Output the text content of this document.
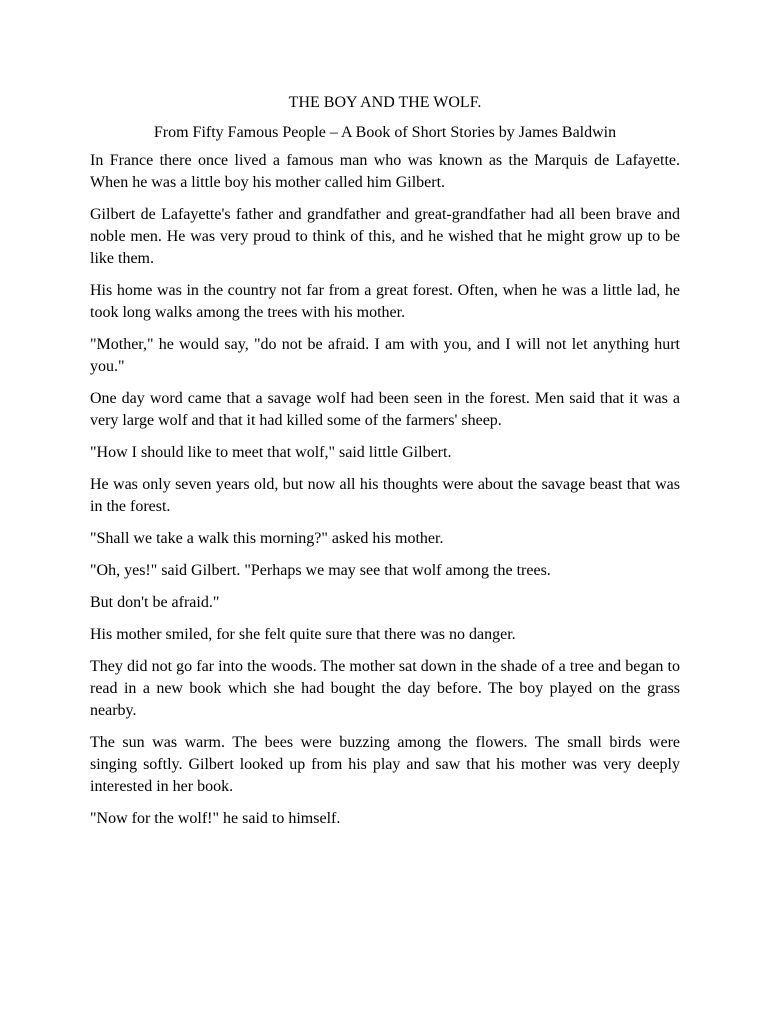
THE BOY AND THE WOLF.
From Fifty Famous People – A Book of Short Stories by James Baldwin

In France there once lived a famous man who was known as the Marquis de Lafayette. When he was a little boy his mother called him Gilbert.

Gilbert de Lafayette's father and grandfather and great-grandfather had all been brave and noble men. He was very proud to think of this, and he wished that he might grow up to be like them.

His home was in the country not far from a great forest. Often, when he was a little lad, he took long walks among the trees with his mother.

"Mother," he would say, "do not be afraid. I am with you, and I will not let anything hurt you."

One day word came that a savage wolf had been seen in the forest. Men said that it was a very large wolf and that it had killed some of the farmers' sheep.

"How I should like to meet that wolf," said little Gilbert.

He was only seven years old, but now all his thoughts were about the savage beast that was in the forest.

"Shall we take a walk this morning?" asked his mother.

"Oh, yes!" said Gilbert. "Perhaps we may see that wolf among the trees.

But don't be afraid."

His mother smiled, for she felt quite sure that there was no danger.

They did not go far into the woods. The mother sat down in the shade of a tree and began to read in a new book which she had bought the day before. The boy played on the grass nearby.

The sun was warm. The bees were buzzing among the flowers. The small birds were singing softly. Gilbert looked up from his play and saw that his mother was very deeply interested in her book.

"Now for the wolf!" he said to himself.
